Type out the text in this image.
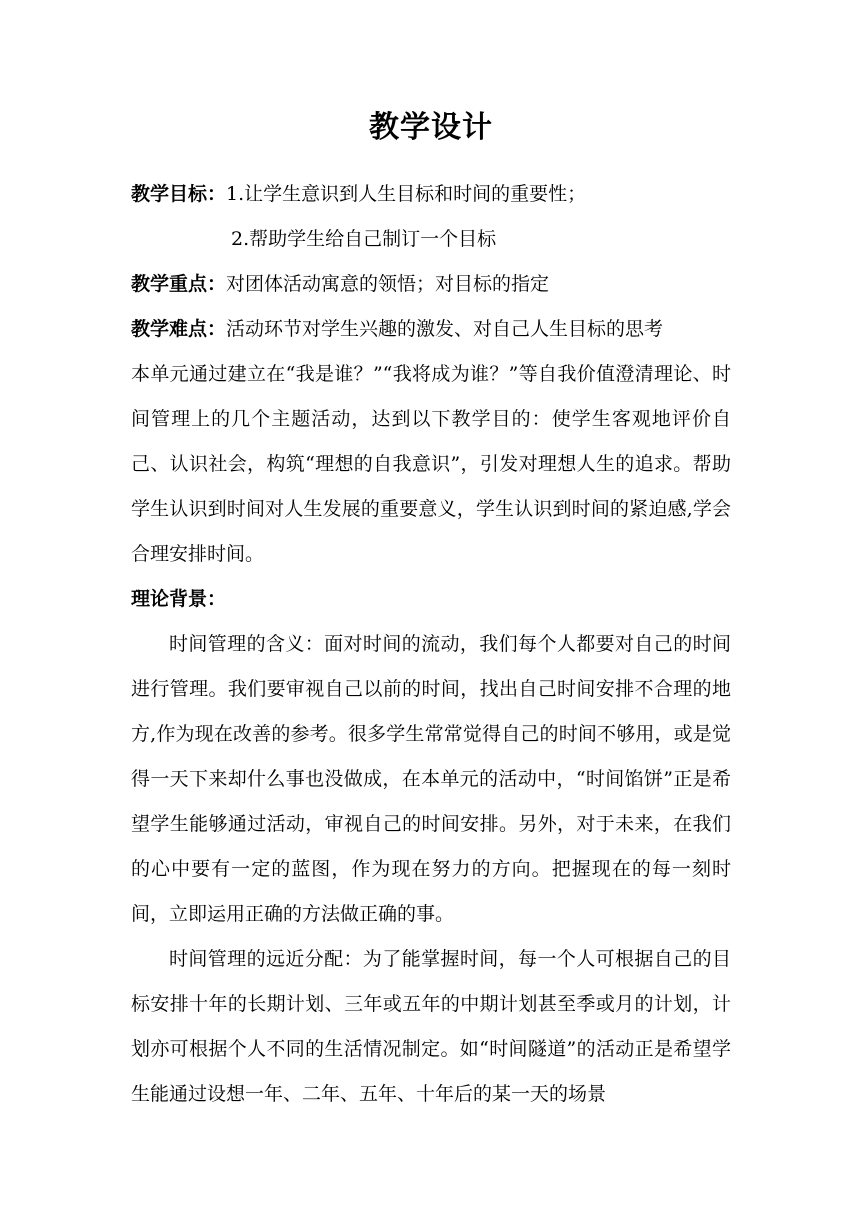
教学设计
教学目标：1.让学生意识到人生目标和时间的重要性；
2.帮助学生给自己制订一个目标
教学重点：对团体活动寓意的领悟；对目标的指定
教学难点：活动环节对学生兴趣的激发、对自己人生目标的思考

本单元通过建立在“我是谁？”“我将成为谁？”等自我价值澄清理论、时间管理上的几个主题活动，达到以下教学目的：使学生客观地评价自己、认识社会，构筑“理想的自我意识”，引发对理想人生的追求。帮助学生认识到时间对人生发展的重要意义，学生认识到时间的紧迫感,学会合理安排时间。

理论背景：

时间管理的含义：面对时间的流动，我们每个人都要对自己的时间进行管理。我们要审视自己以前的时间，找出自己时间安排不合理的地方,作为现在改善的参考。很多学生常常觉得自己的时间不够用，或是觉得一天下来却什么事也没做成，在本单元的活动中，“时间馅饼”正是希望学生能够通过活动，审视自己的时间安排。另外，对于未来，在我们的心中要有一定的蓝图，作为现在努力的方向。把握现在的每一刻时间，立即运用正确的方法做正确的事。

时间管理的远近分配：为了能掌握时间，每一个人可根据自己的目标安排十年的长期计划、三年或五年的中期计划甚至季或月的计划，计划亦可根据个人不同的生活情况制定。如“时间隧道”的活动正是希望学生能通过设想一年、二年、五年、十年后的某一天的场景
